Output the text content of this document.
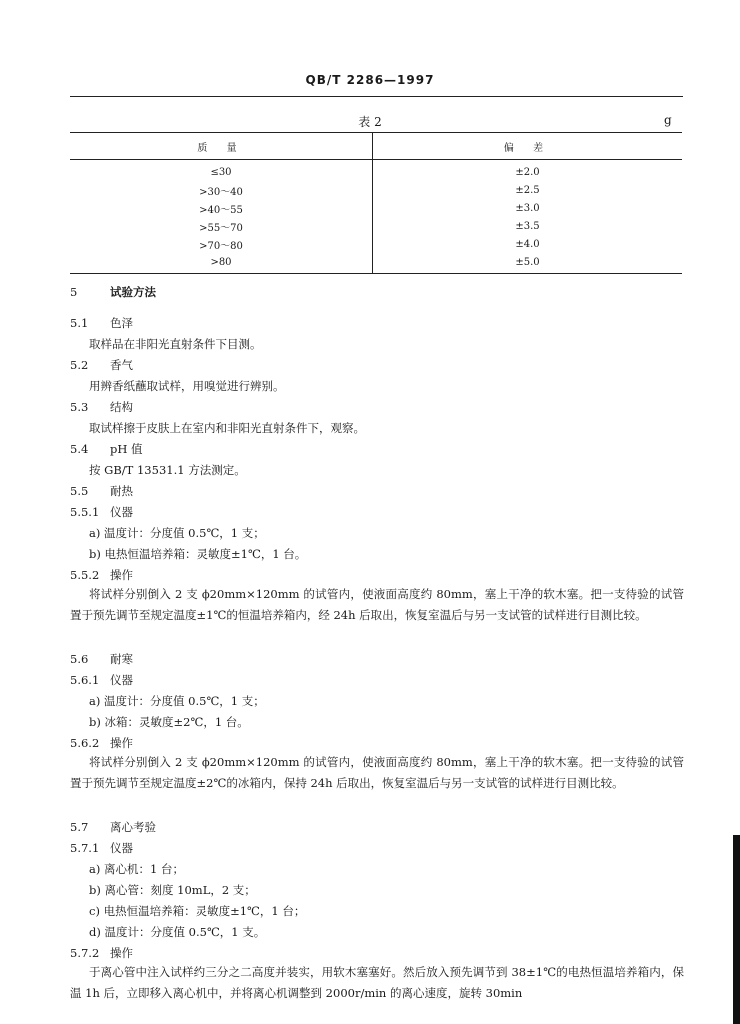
QB/T 2286—1997
表 2	g
质 量	偏 差
≤30	±2.0
>30～40	±2.5
>40～55	±3.0
>55～70	±3.5
>70～80	±4.0
>80	±5.0
5	试验方法
5.1 色泽
取样品在非阳光直射条件下目测。
5.2 香气
用辨香纸蘸取试样，用嗅觉进行辨别。
5.3 结构
取试样擦于皮肤上在室内和非阳光直射条件下，观察。
5.4 pH 值
按 GB/T 13531.1 方法测定。
5.5 耐热
5.5.1 仪器
a) 温度计：分度值 0.5℃，1 支；
b) 电热恒温培养箱：灵敏度±1℃，1 台。
5.5.2 操作
将试样分别倒入 2 支 ϕ20mm×120mm 的试管内，使液面高度约 80mm，塞上干净的软木塞。把一支待验的试管置于预先调节至规定温度±1℃的恒温培养箱内，经 24h 后取出，恢复室温后与另一支试管的试样进行目测比较。
5.6 耐寒
5.6.1 仪器
a) 温度计：分度值 0.5℃，1 支；
b) 冰箱：灵敏度±2℃，1 台。
5.6.2 操作
将试样分别倒入 2 支 ϕ20mm×120mm 的试管内，使液面高度约 80mm，塞上干净的软木塞。把一支待验的试管置于预先调节至规定温度±2℃的冰箱内，保持 24h 后取出，恢复室温后与另一支试管的试样进行目测比较。
5.7 离心考验
5.7.1 仪器
a) 离心机：1 台；
b) 离心管：刻度 10mL，2 支；
c) 电热恒温培养箱：灵敏度±1℃，1 台；
d) 温度计：分度值 0.5℃，1 支。
5.7.2 操作
于离心管中注入试样约三分之二高度并装实，用软木塞塞好。然后放入预先调节到 38±1℃的电热恒温培养箱内，保温 1h 后，立即移入离心机中，并将离心机调整到 2000r/min 的离心速度，旋转 30min
